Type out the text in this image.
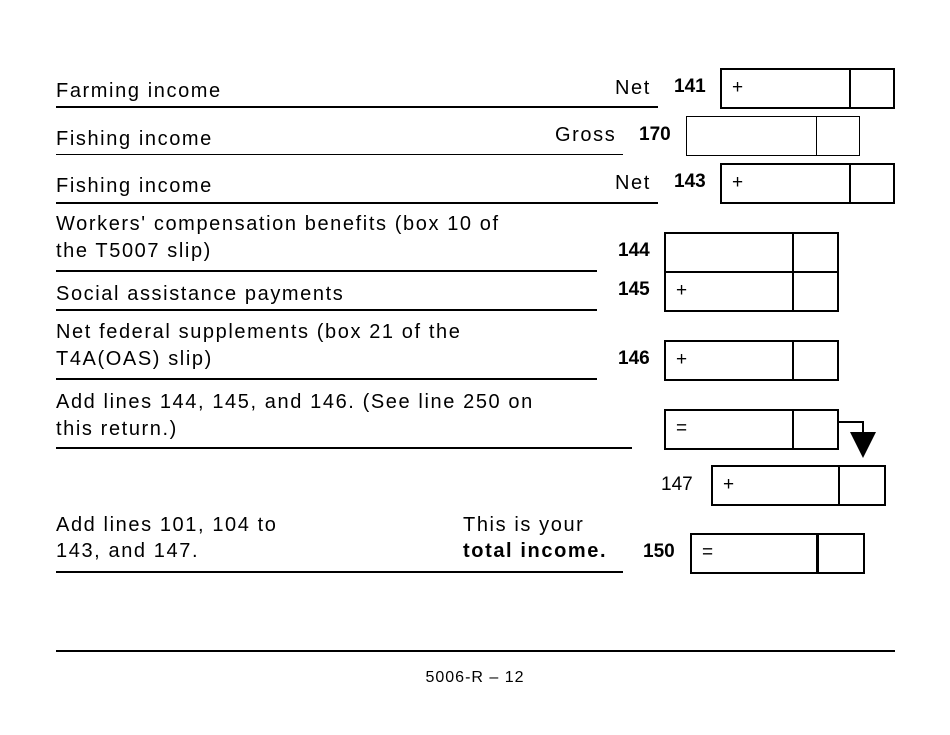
Farming income	Net 141 +
Fishing income	Gross 170
Fishing income	Net 143 +
Workers' compensation benefits (box 10 of
the T5007 slip)	144
Social assistance payments	145 +
Net federal supplements (box 21 of the
T4A(OAS) slip)	146 +
Add lines 144, 145, and 146. (See line 250 on
this return.)	=
147 +
Add lines 101, 104 to
143, and 147.
This is your
total income. 150 =
5006-R – 12
